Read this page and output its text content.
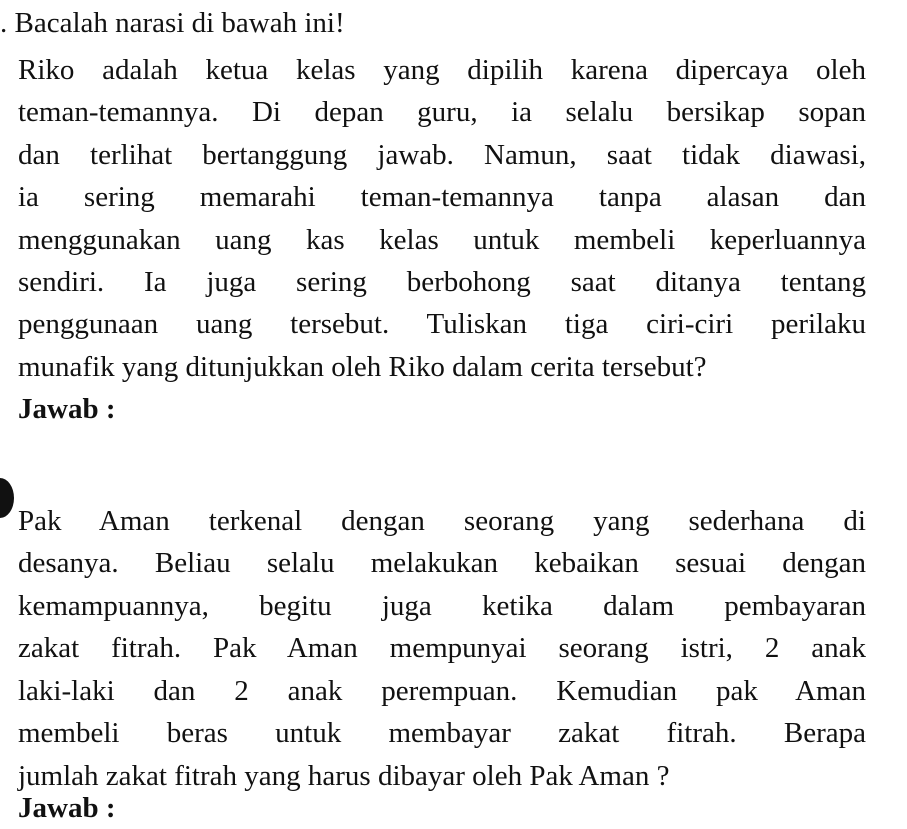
. Bacalah narasi di bawah ini!
Riko adalah ketua kelas yang dipilih karena dipercaya oleh
teman-temannya. Di depan guru, ia selalu bersikap sopan
dan terlihat bertanggung jawab. Namun, saat tidak diawasi,
ia sering memarahi teman-temannya tanpa alasan dan
menggunakan uang kas kelas untuk membeli keperluannya
sendiri. Ia juga sering berbohong saat ditanya tentang
penggunaan uang tersebut. Tuliskan tiga ciri-ciri perilaku
munafik yang ditunjukkan oleh Riko dalam cerita tersebut?
Jawab :
Pak Aman terkenal dengan seorang yang sederhana di
desanya. Beliau selalu melakukan kebaikan sesuai dengan
kemampuannya, begitu juga ketika dalam pembayaran
zakat fitrah. Pak Aman mempunyai seorang istri, 2 anak
laki-laki dan 2 anak perempuan. Kemudian pak Aman
membeli beras untuk membayar zakat fitrah. Berapa
jumlah zakat fitrah yang harus dibayar oleh Pak Aman ?
Jawab :
